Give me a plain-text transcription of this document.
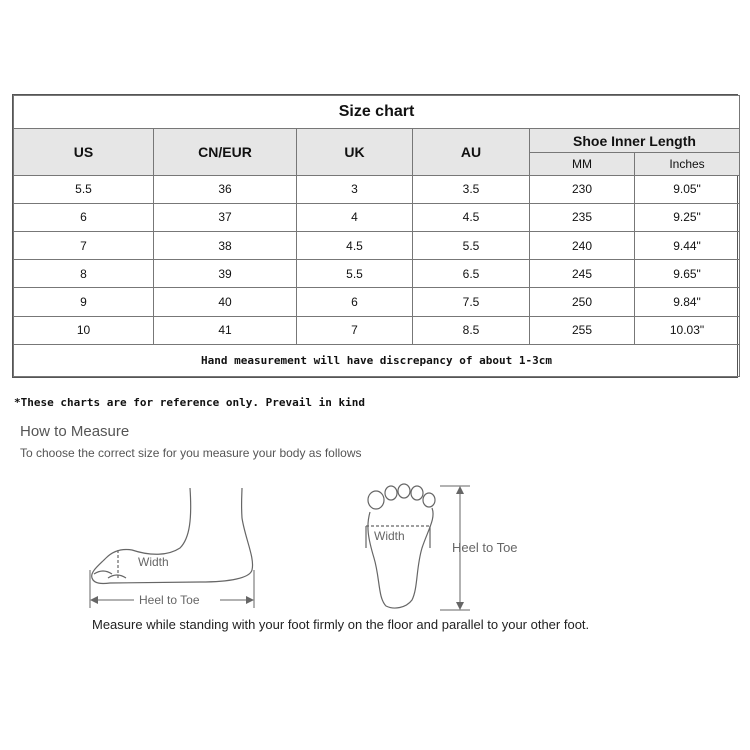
Size chart					
US	CN/EUR	UK	AU	Shoe Inner Length	
				MM	Inches
5.5	36	3	3.5	230	9.05"
6	37	4	4.5	235	9.25"
7	38	4.5	5.5	240	9.44"
8	39	5.5	6.5	245	9.65"
9	40	6	7.5	250	9.84"
10	41	7	8.5	255	10.03"
Hand measurement will have discrepancy of about 1-3cm					
*These charts are for reference only. Prevail in kind
How to Measure
To choose the correct size for you measure your body as follows
Width
Heel to Toe
Width
Heel to Toe
Measure while standing with your foot firmly on the floor and parallel to your other foot.
